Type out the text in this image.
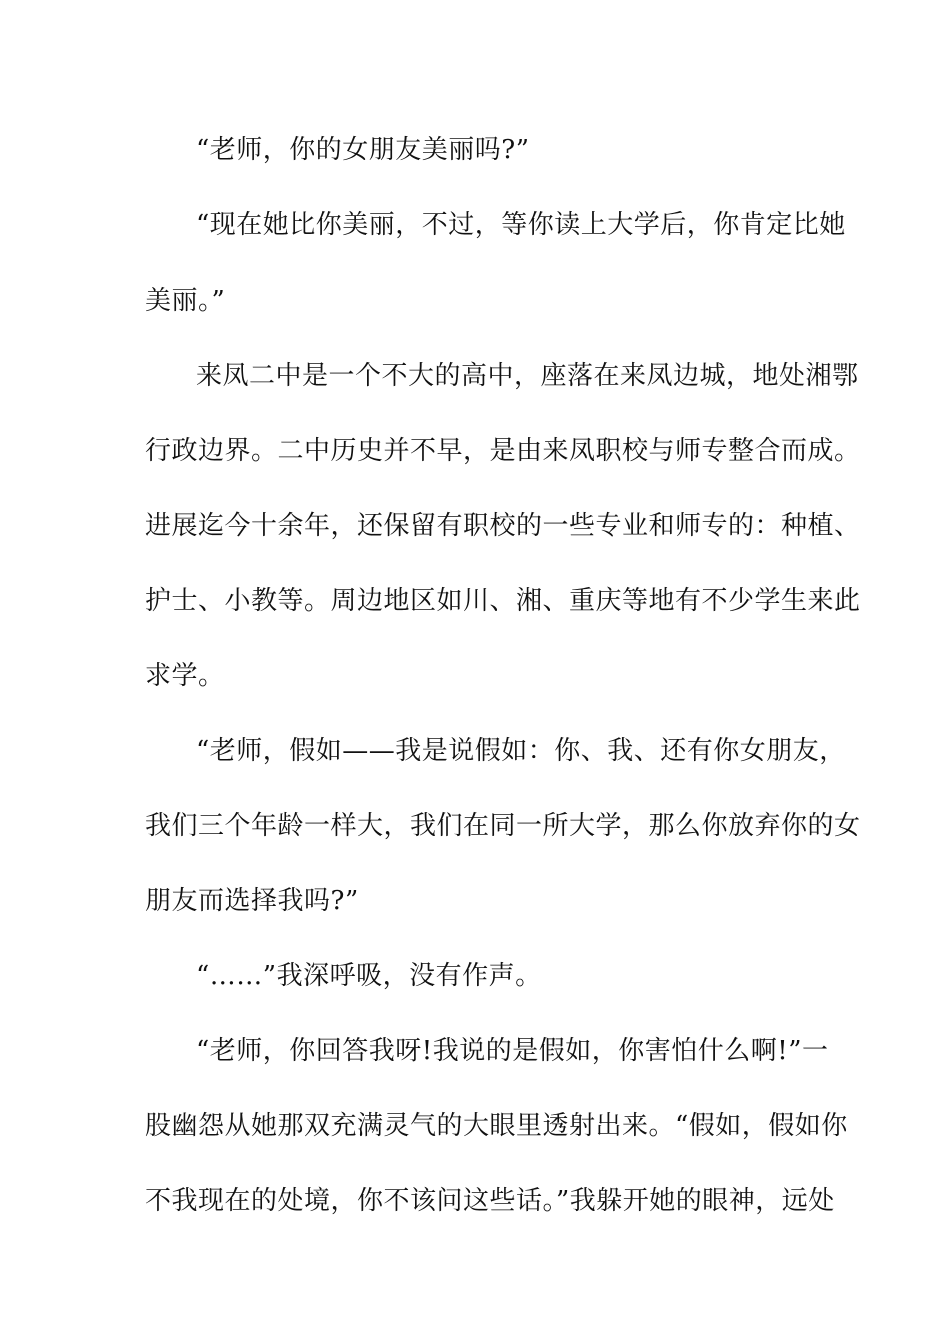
“老师，你的女朋友美丽吗?”
“现在她比你美丽，不过，等你读上大学后，你肯定比她
美丽。”
来凤二中是一个不大的高中，座落在来凤边城，地处湘鄂
行政边界。二中历史并不早，是由来凤职校与师专整合而成。
进展迄今十余年，还保留有职校的一些专业和师专的：种植、
护士、小教等。周边地区如川、湘、重庆等地有不少学生来此
求学。
“老师，假如——我是说假如：你、我、还有你女朋友，
我们三个年龄一样大，我们在同一所大学，那么你放弃你的女
朋友而选择我吗?”
“……”我深呼吸，没有作声。
“老师，你回答我呀!我说的是假如，你害怕什么啊!”一
股幽怨从她那双充满灵气的大眼里透射出来。“假如，假如你
不我现在的处境，你不该问这些话。”我躲开她的眼神，远处
